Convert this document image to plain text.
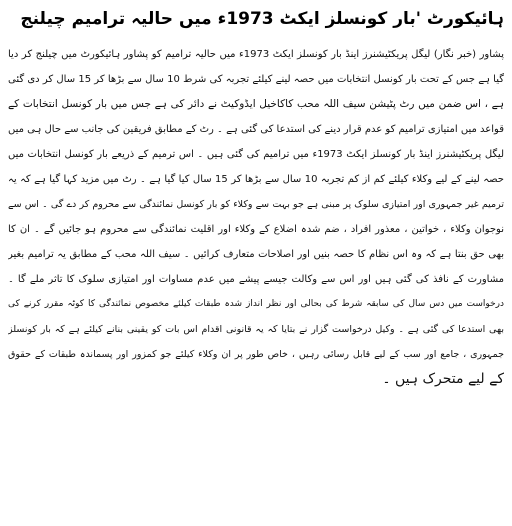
ہائیکورٹ 'بار کونسلز ایکٹ 1973ء میں حالیہ ترامیم چیلنج
پشاور (خبر نگار) لیگل پریکٹیشنرز اینڈ بار کونسلز ایکٹ 1973ء میں حالیہ ترامیم کو پشاور ہائیکورٹ میں چیلنج کر دیا
گیا ہے جس کے تحت بار کونسل انتخابات میں حصہ لینے کیلئے تجربہ کی شرط 10 سال سے بڑھا کر 15 سال کر دی گئی
ہے ، اس ضمن میں رٹ پٹیشن سیف اللہ محب کاکاخیل ایڈوکیٹ نے دائر کی ہے جس میں بار کونسل انتخابات کے
قواعد میں امتیازی ترامیم کو عدم قرار دینے کی استدعا کی گئی ہے ۔ رٹ کے مطابق فریقین کی جانب سے حال ہی میں
لیگل پریکٹیشنرز اینڈ بار کونسلز ایکٹ 1973ء میں ترامیم کی گئی ہیں ۔ اس ترمیم کے ذریعے بار کونسل انتخابات میں
حصہ لینے کے لیے وکلاء کیلئے کم از کم تجربہ 10 سال سے بڑھا کر 15 سال کیا گیا ہے ۔ رٹ میں مزید کہا گیا ہے کہ یہ
ترمیم غیر جمہوری اور امتیازی سلوک پر مبنی ہے جو بہت سے وکلاء کو بار کونسل نمائندگی سے محروم کر دے گی ۔ اس سے
نوجوان وکلاء ، خواتین ، معذور افراد ، ضم شدہ اضلاع کے وکلاء اور اقلیت نمائندگی سے محروم ہو جائیں گے ۔ ان کا
بھی حق بنتا ہے کہ وہ اس نظام کا حصہ بنیں اور اصلاحات متعارف کرائیں ۔ سیف اللہ محب کے مطابق یہ ترامیم بغیر
مشاورت کے نافذ کی گئی ہیں اور اس سے وکالت جیسے پیشے میں عدم مساوات اور امتیازی سلوک کا تاثر ملے گا ۔
درخواست میں دس سال کی سابقہ شرط کی بحالی اور نظر انداز شدہ طبقات کیلئے مخصوص نمائندگی کا کوٹہ مقرر کرنے کی
بھی استدعا کی گئی ہے ۔ وکیل درخواست گزار نے بتایا کہ یہ قانونی اقدام اس بات کو یقینی بنانے کیلئے ہے کہ بار کونسلز
جمہوری ، جامع اور سب کے لیے قابل رسائی رہیں ، خاص طور پر ان وکلاء کیلئے جو کمزور اور پسماندہ طبقات کے حقوق
کے لیے متحرک ہیں ۔
